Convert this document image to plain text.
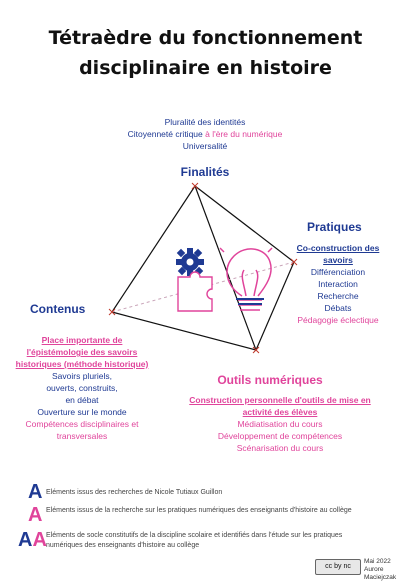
Tétraèdre du fonctionnement
disciplinaire en histoire
Pluralité des identités
Citoyenneté critique à l'ère du numérique
Universalité
Finalités
Pratiques
Co-construction des savoirs
Différenciation
Interaction
Recherche
Débats
Pédagogie éclectique
Contenus
Place importante de
l'épistémologie des savoirs
historiques (méthode historique)
Savoirs pluriels,
ouverts, construits,
en débat
Ouverture sur le monde
Compétences disciplinaires et
transversales
Outils numériques
Construction personnelle d'outils de mise en
activité des élèves
Médiatisation du cours
Développement de compétences
Scénarisation du cours
A Eléments issus des recherches de Nicole Tutiaux Guillon
A Eléments issus de la recherche sur les pratiques numériques des enseignants d'histoire au collège
AA Eléments de socle constitutifs de la discipline scolaire et identifiés dans l'étude sur les pratiques numériques des enseignants d'histoire au collège
cc by nc
Mai 2022
Aurore Maciejczak
